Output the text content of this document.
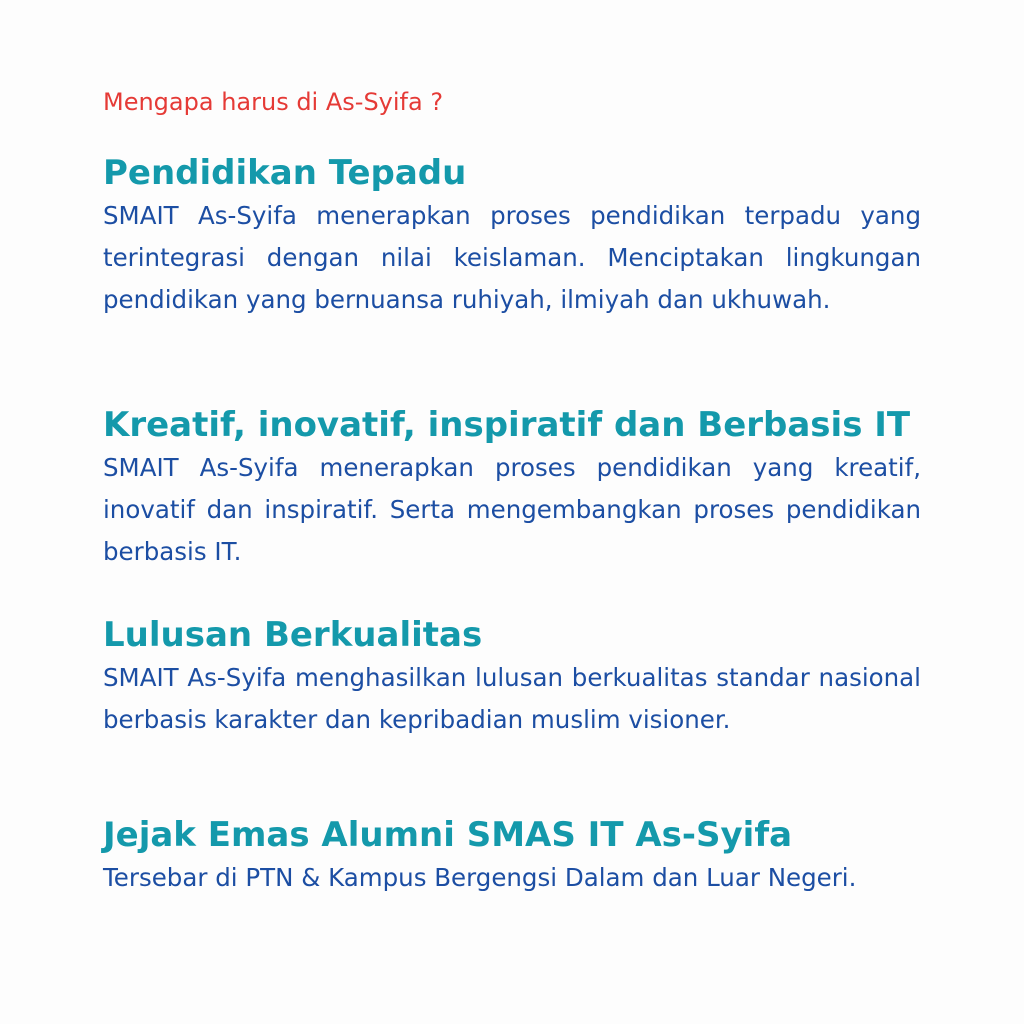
Mengapa harus di As-Syifa ?
Pendidikan Tepadu

SMAIT As-Syifa menerapkan proses pendidikan terpadu yang terintegrasi dengan nilai keislaman. Menciptakan lingkungan pendidikan yang bernuansa ruhiyah, ilmiyah dan ukhuwah.

Kreatif, inovatif, inspiratif dan Berbasis IT

SMAIT As-Syifa menerapkan proses pendidikan yang kreatif, inovatif dan inspiratif. Serta mengembangkan proses pendidikan berbasis IT.

Lulusan Berkualitas

SMAIT As-Syifa menghasilkan lulusan berkualitas standar nasional berbasis karakter dan kepribadian muslim visioner.

Jejak Emas Alumni SMAS IT As-Syifa

Tersebar di PTN & Kampus Bergengsi Dalam dan Luar Negeri.
